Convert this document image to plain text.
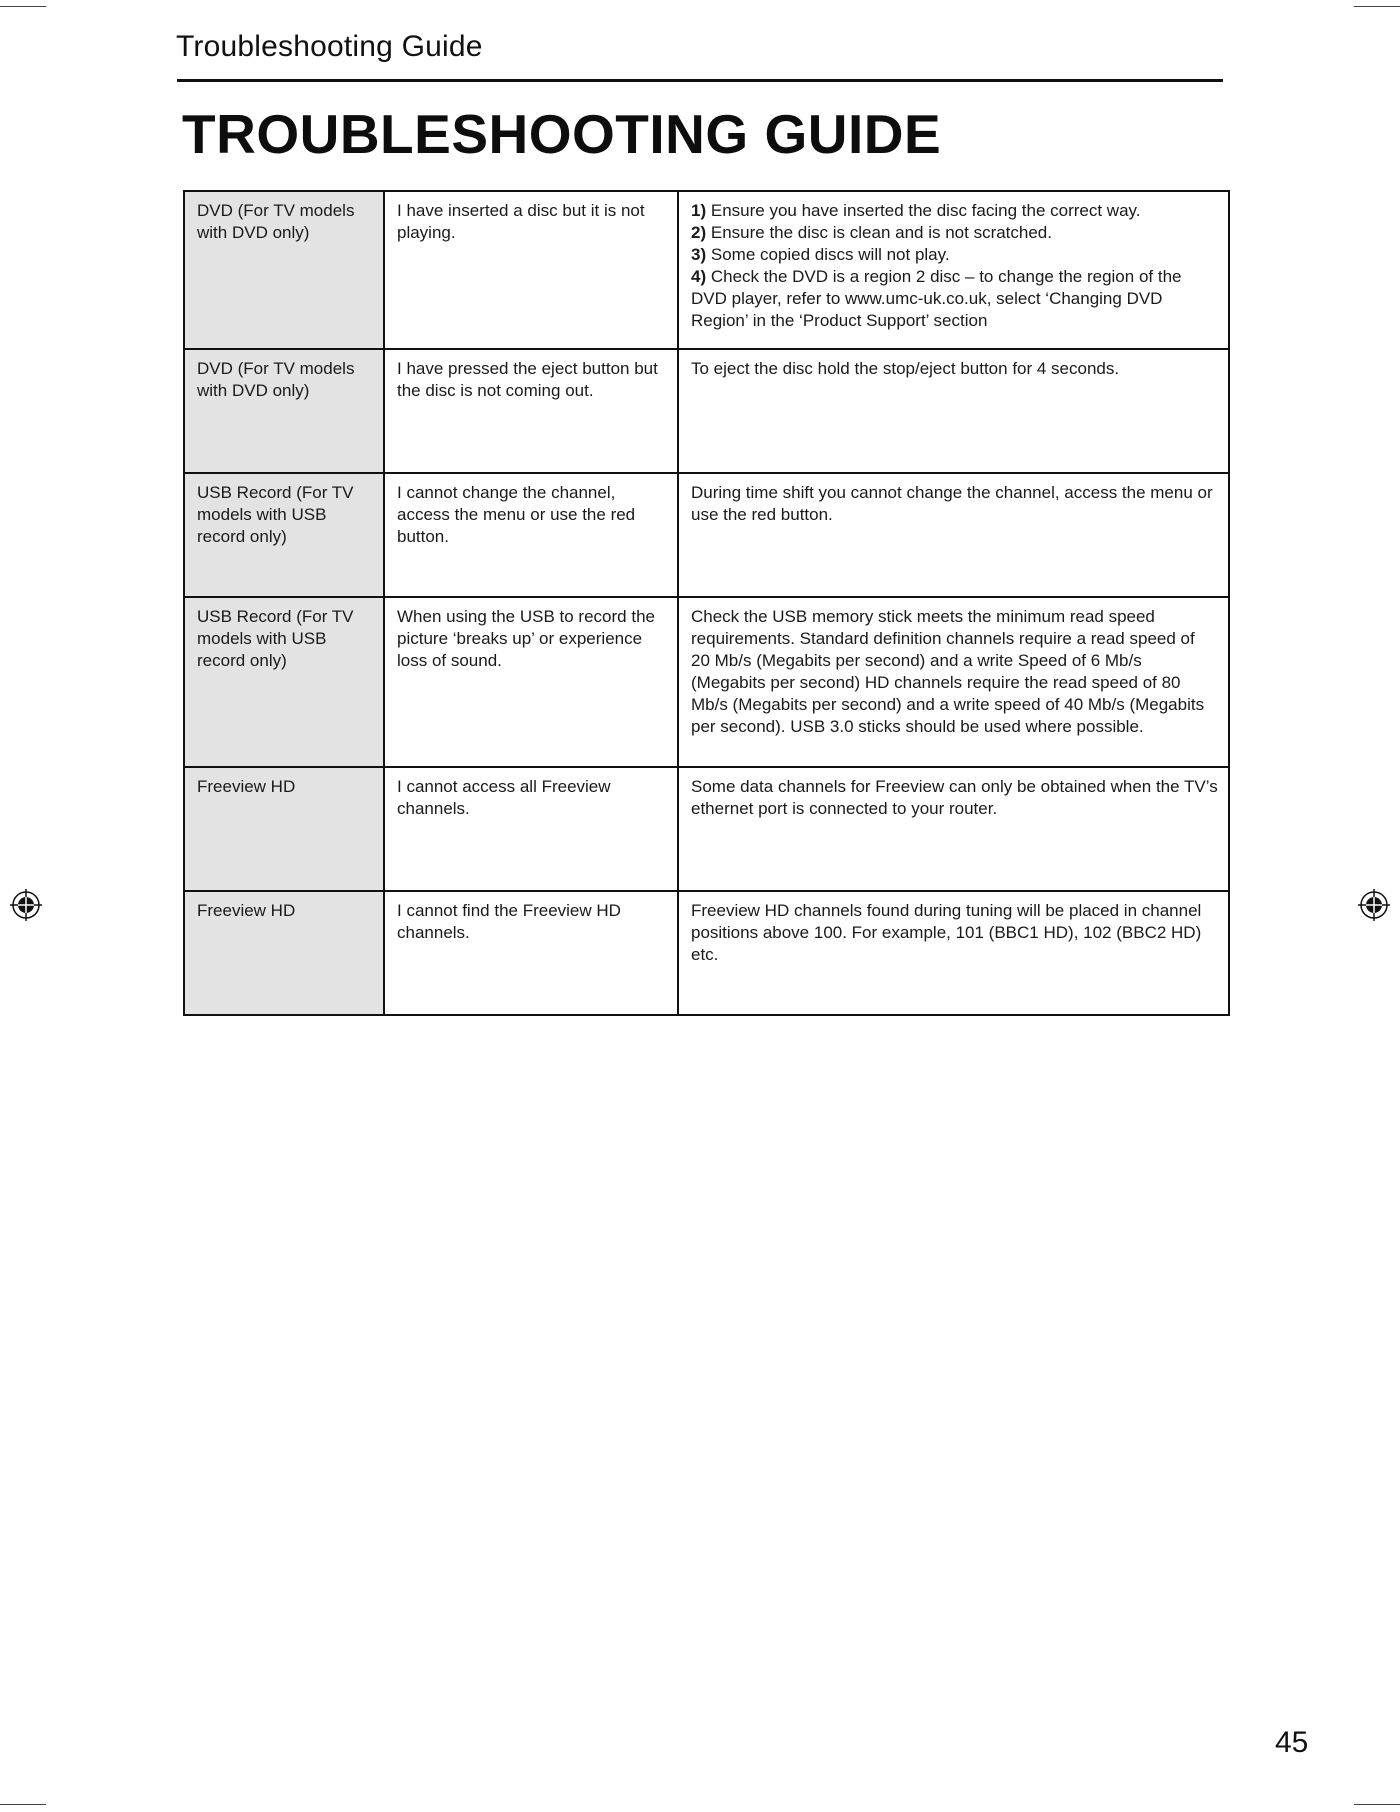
Troubleshooting Guide
TROUBLESHOOTING GUIDE
DVD (For TV models with DVD only)	I have inserted a disc but it is not playing.	1) Ensure you have inserted the disc facing the correct way.
2) Ensure the disc is clean and is not scratched.
3) Some copied discs will not play.
4) Check the DVD is a region 2 disc – to change the region of the DVD player, refer to www.umc-uk.co.uk, select ‘Changing DVD Region’ in the ‘Product Support’ section

DVD (For TV models with DVD only)	I have pressed the eject button but the disc is not coming out.	To eject the disc hold the stop/eject button for 4 seconds.
USB Record (For TV models with USB record only)	I cannot change the channel, access the menu or use the red button.	During time shift you cannot change the channel, access the menu or use the red button.
USB Record (For TV models with USB record only)	When using the USB to record the picture ‘breaks up’ or experience loss of sound.	Check the USB memory stick meets the minimum read speed requirements. Standard definition channels require a read speed of 20 Mb/s (Megabits per second) and a write Speed of 6 Mb/s (Megabits per second) HD channels require the read speed of 80 Mb/s (Megabits per second) and a write speed of 40 Mb/s (Megabits per second). USB 3.0 sticks should be used where possible.
Freeview HD	I cannot access all Freeview channels.	Some data channels for Freeview can only be obtained when the TV’s ethernet port is connected to your router.
Freeview HD	I cannot find the Freeview HD channels.	Freeview HD channels found during tuning will be placed in channel positions above 100. For example, 101 (BBC1 HD), 102 (BBC2 HD) etc.
45
